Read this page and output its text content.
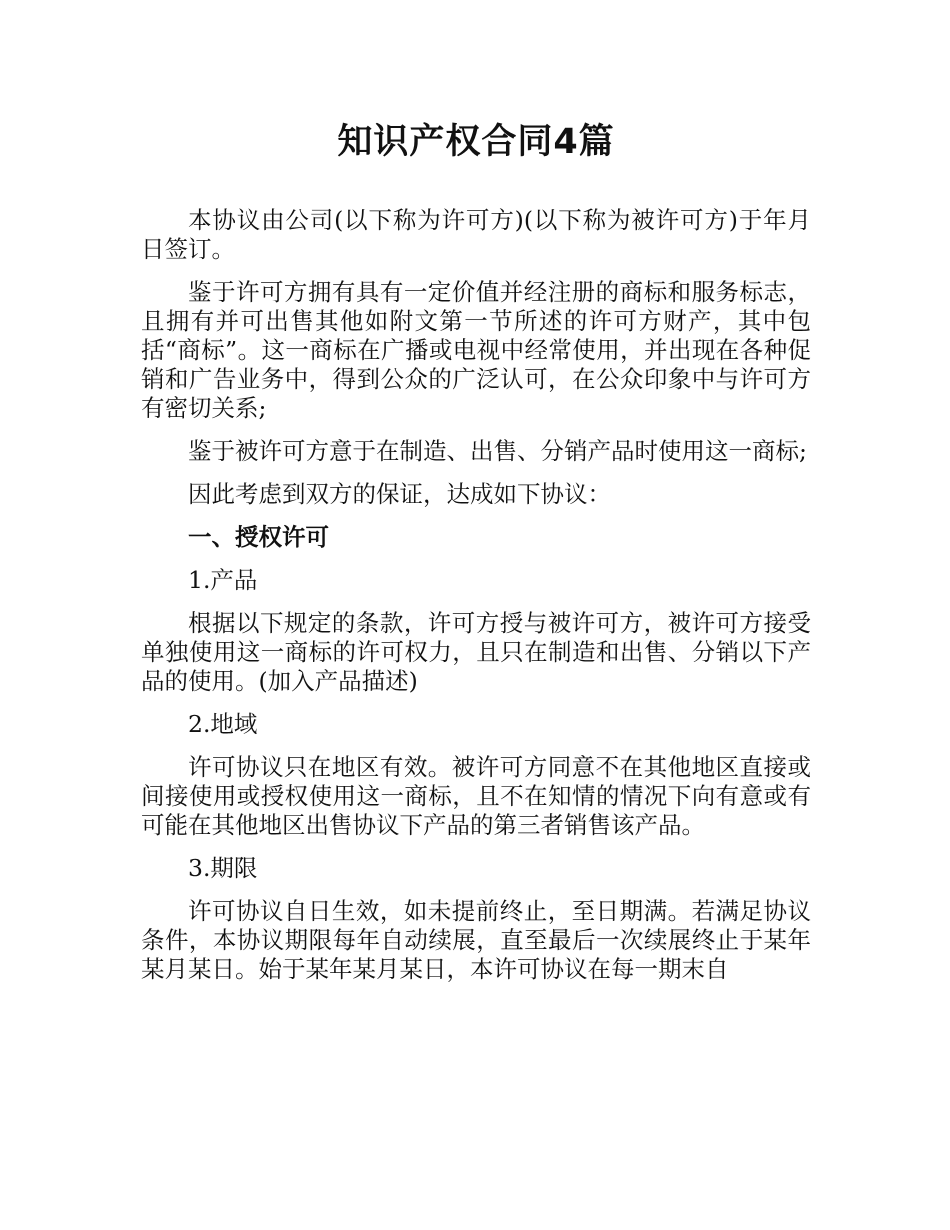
知识产权合同4篇

本协议由公司(以下称为许可方)(以下称为被许可方)于年月日签订。

鉴于许可方拥有具有一定价值并经注册的商标和服务标志，且拥有并可出售其他如附文第一节所述的许可方财产，其中包括“商标”。这一商标在广播或电视中经常使用，并出现在各种促销和广告业务中，得到公众的广泛认可，在公众印象中与许可方有密切关系;

鉴于被许可方意于在制造、出售、分销产品时使用这一商标;

因此考虑到双方的保证，达成如下协议：

一、授权许可

1.产品

根据以下规定的条款，许可方授与被许可方，被许可方接受单独使用这一商标的许可权力，且只在制造和出售、分销以下产品的使用。(加入产品描述)

2.地域

许可协议只在地区有效。被许可方同意不在其他地区直接或间接使用或授权使用这一商标，且不在知情的情况下向有意或有可能在其他地区出售协议下产品的第三者销售该产品。

3.期限

许可协议自日生效，如未提前终止，至日期满。若满足协议条件，本协议期限每年自动续展，直至最后一次续展终止于某年某月某日。始于某年某月某日，本许可协议在每一期末自
